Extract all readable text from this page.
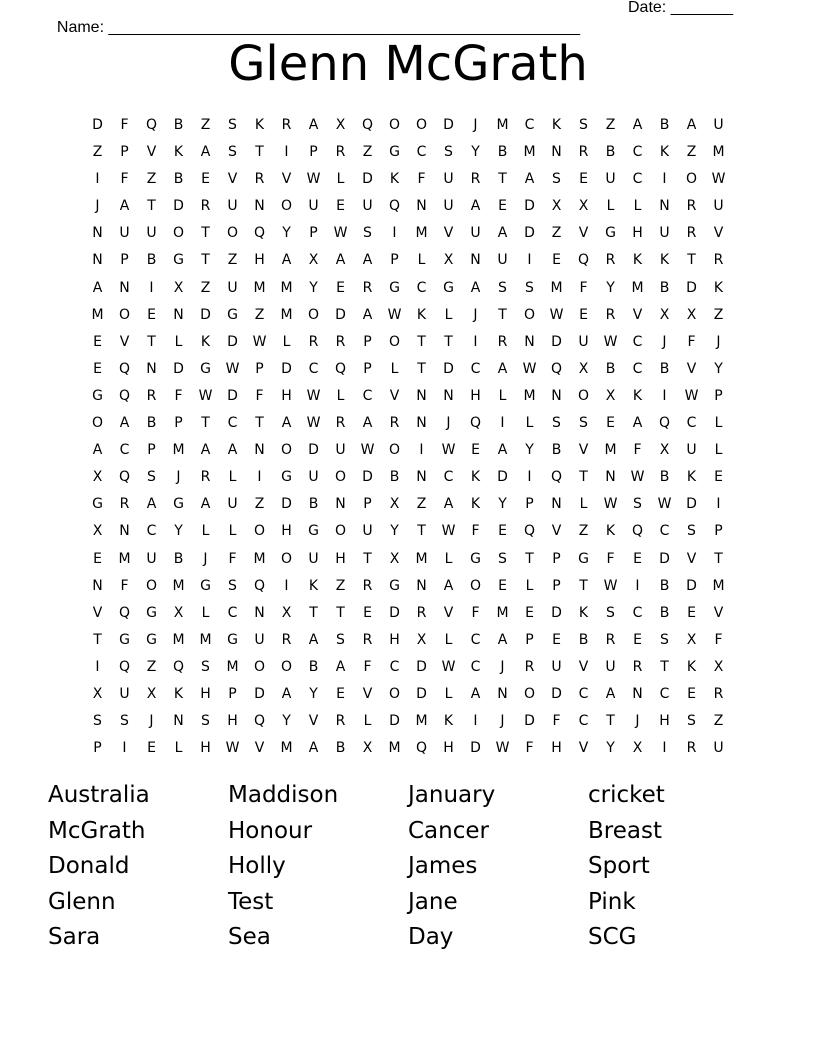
Name: _____________________________________________________

Date: _______

Glenn McGrath
D	F	Q	B	Z	S	K	R	A	X	Q	O	O	D	J	M	C	K	S	Z	A	B	A	U
Z	P	V	K	A	S	T	I	P	R	Z	G	C	S	Y	B	M	N	R	B	C	K	Z	M
I	F	Z	B	E	V	R	V	W	L	D	K	F	U	R	T	A	S	E	U	C	I	O	W
J	A	T	D	R	U	N	O	U	E	U	Q	N	U	A	E	D	X	X	L	L	N	R	U
N	U	U	O	T	O	Q	Y	P	W	S	I	M	V	U	A	D	Z	V	G	H	U	R	V
N	P	B	G	T	Z	H	A	X	A	A	P	L	X	N	U	I	E	Q	R	K	K	T	R
A	N	I	X	Z	U	M	M	Y	E	R	G	C	G	A	S	S	M	F	Y	M	B	D	K
M	O	E	N	D	G	Z	M	O	D	A	W	K	L	J	T	O	W	E	R	V	X	X	Z
E	V	T	L	K	D	W	L	R	R	P	O	T	T	I	R	N	D	U	W	C	J	F	J
E	Q	N	D	G	W	P	D	C	Q	P	L	T	D	C	A	W	Q	X	B	C	B	V	Y
G	Q	R	F	W	D	F	H	W	L	C	V	N	N	H	L	M	N	O	X	K	I	W	P
O	A	B	P	T	C	T	A	W	R	A	R	N	J	Q	I	L	S	S	E	A	Q	C	L
A	C	P	M	A	A	N	O	D	U	W	O	I	W	E	A	Y	B	V	M	F	X	U	L
X	Q	S	J	R	L	I	G	U	O	D	B	N	C	K	D	I	Q	T	N	W	B	K	E
G	R	A	G	A	U	Z	D	B	N	P	X	Z	A	K	Y	P	N	L	W	S	W	D	I
X	N	C	Y	L	L	O	H	G	O	U	Y	T	W	F	E	Q	V	Z	K	Q	C	S	P
E	M	U	B	J	F	M	O	U	H	T	X	M	L	G	S	T	P	G	F	E	D	V	T
N	F	O	M	G	S	Q	I	K	Z	R	G	N	A	O	E	L	P	T	W	I	B	D	M
V	Q	G	X	L	C	N	X	T	T	E	D	R	V	F	M	E	D	K	S	C	B	E	V
T	G	G	M	M	G	U	R	A	S	R	H	X	L	C	A	P	E	B	R	E	S	X	F
I	Q	Z	Q	S	M	O	O	B	A	F	C	D	W	C	J	R	U	V	U	R	T	K	X
X	U	X	K	H	P	D	A	Y	E	V	O	D	L	A	N	O	D	C	A	N	C	E	R
S	S	J	N	S	H	Q	Y	V	R	L	D	M	K	I	J	D	F	C	T	J	H	S	Z
P	I	E	L	H	W	V	M	A	B	X	M	Q	H	D	W	F	H	V	Y	X	I	R	U
Australia	Maddison	January	cricket
McGrath	Honour	Cancer	Breast
Donald	Holly	James	Sport
Glenn	Test	Jane	Pink
Sara	Sea	Day	SCG
